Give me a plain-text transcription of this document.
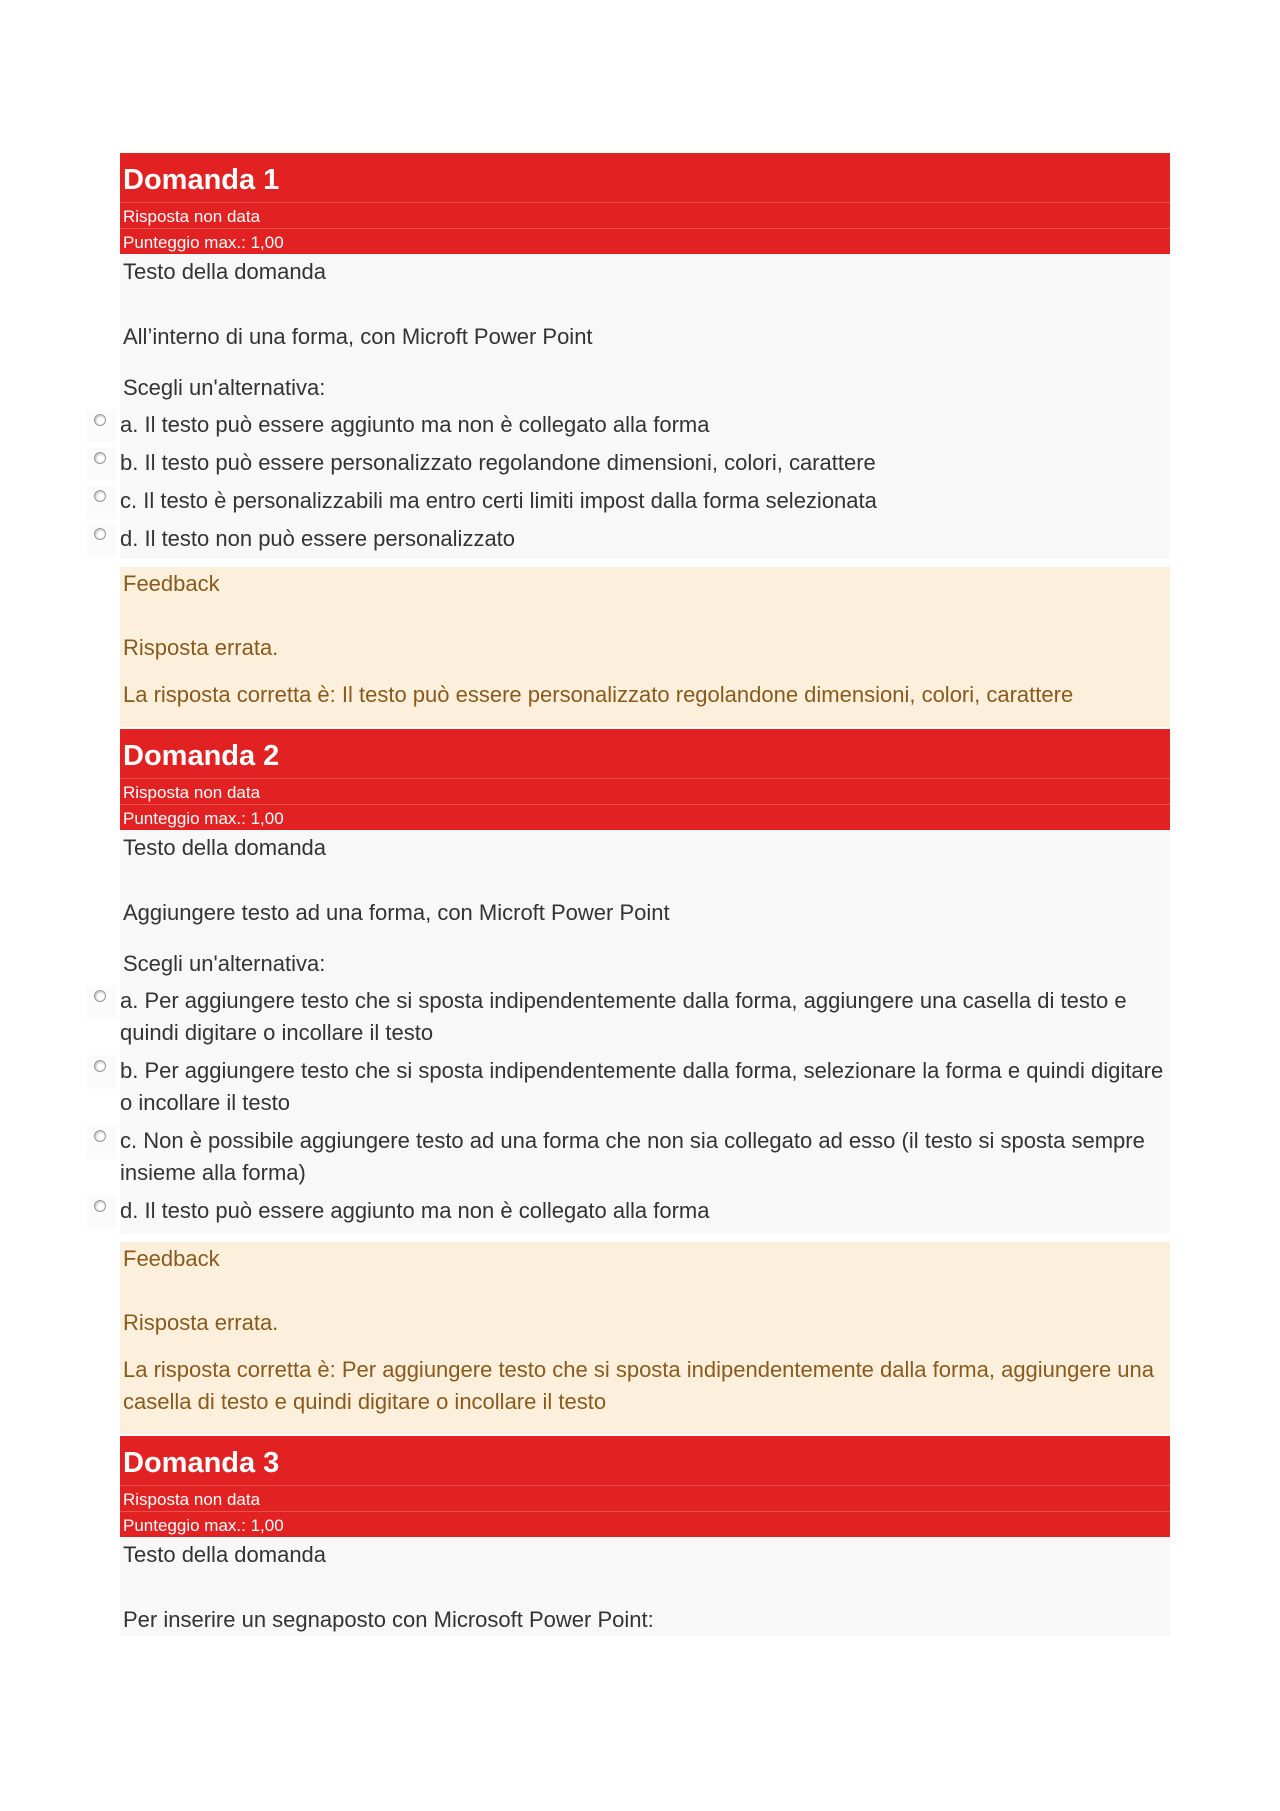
Domanda 1
Risposta non data
Punteggio max.: 1,00
Testo della domanda
All’interno di una forma, con Microft Power Point
Scegli un'alternativa:
a. Il testo può essere aggiunto ma non è collegato alla forma
b. Il testo può essere personalizzato regolandone dimensioni, colori, carattere
c. Il testo è personalizzabili ma entro certi limiti impost dalla forma selezionata
d. Il testo non può essere personalizzato
Feedback
Risposta errata.
La risposta corretta è: Il testo può essere personalizzato regolandone dimensioni, colori, carattere
Domanda 2
Risposta non data
Punteggio max.: 1,00
Testo della domanda
Aggiungere testo ad una forma, con Microft Power Point
Scegli un'alternativa:
a. Per aggiungere testo che si sposta indipendentemente dalla forma, aggiungere una casella di testo e quindi digitare o incollare il testo
b. Per aggiungere testo che si sposta indipendentemente dalla forma, selezionare la forma e quindi digitare o incollare il testo
c. Non è possibile aggiungere testo ad una forma che non sia collegato ad esso (il testo si sposta sempre insieme alla forma)
d. Il testo può essere aggiunto ma non è collegato alla forma
Feedback
Risposta errata.
La risposta corretta è: Per aggiungere testo che si sposta indipendentemente dalla forma, aggiungere una casella di testo e quindi digitare o incollare il testo
Domanda 3
Risposta non data
Punteggio max.: 1,00
Testo della domanda
Per inserire un segnaposto con Microsoft Power Point:
